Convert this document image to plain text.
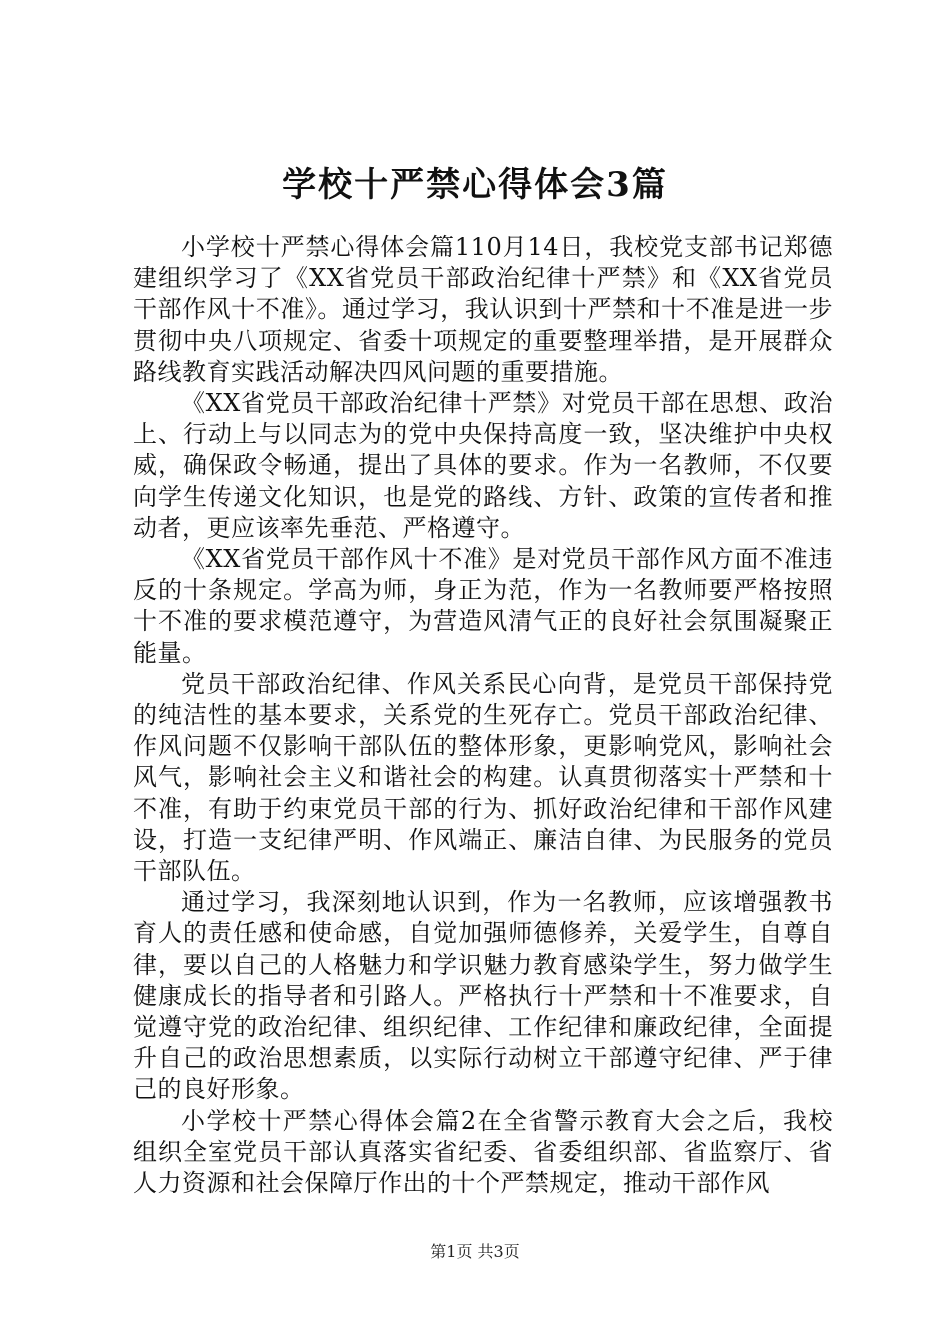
学校十严禁心得体会3篇

小学校十严禁心得体会篇110月14日，我校党支部书记郑德建组织学习了《XX省党员干部政治纪律十严禁》和《XX省党员干部作风十不准》。通过学习，我认识到十严禁和十不准是进一步贯彻中央八项规定、省委十项规定的重要整理举措，是开展群众路线教育实践活动解决四风问题的重要措施。

《XX省党员干部政治纪律十严禁》对党员干部在思想、政治上、行动上与以同志为的党中央保持高度一致，坚决维护中央权威，确保政令畅通，提出了具体的要求。作为一名教师，不仅要向学生传递文化知识，也是党的路线、方针、政策的宣传者和推动者，更应该率先垂范、严格遵守。

《XX省党员干部作风十不准》是对党员干部作风方面不准违反的十条规定。学高为师，身正为范，作为一名教师要严格按照十不准的要求模范遵守，为营造风清气正的良好社会氛围凝聚正能量。

党员干部政治纪律、作风关系民心向背，是党员干部保持党的纯洁性的基本要求，关系党的生死存亡。党员干部政治纪律、作风问题不仅影响干部队伍的整体形象，更影响党风，影响社会风气，影响社会主义和谐社会的构建。认真贯彻落实十严禁和十不准，有助于约束党员干部的行为、抓好政治纪律和干部作风建设，打造一支纪律严明、作风端正、廉洁自律、为民服务的党员干部队伍。

通过学习，我深刻地认识到，作为一名教师，应该增强教书育人的责任感和使命感，自觉加强师德修养，关爱学生，自尊自律，要以自己的人格魅力和学识魅力教育感染学生，努力做学生健康成长的指导者和引路人。严格执行十严禁和十不准要求，自觉遵守党的政治纪律、组织纪律、工作纪律和廉政纪律，全面提升自己的政治思想素质，以实际行动树立干部遵守纪律、严于律己的良好形象。

小学校十严禁心得体会篇2在全省警示教育大会之后，我校组织全室党员干部认真落实省纪委、省委组织部、省监察厅、省人力资源和社会保障厅作出的十个严禁规定，推动干部作风

第1页 共3页
